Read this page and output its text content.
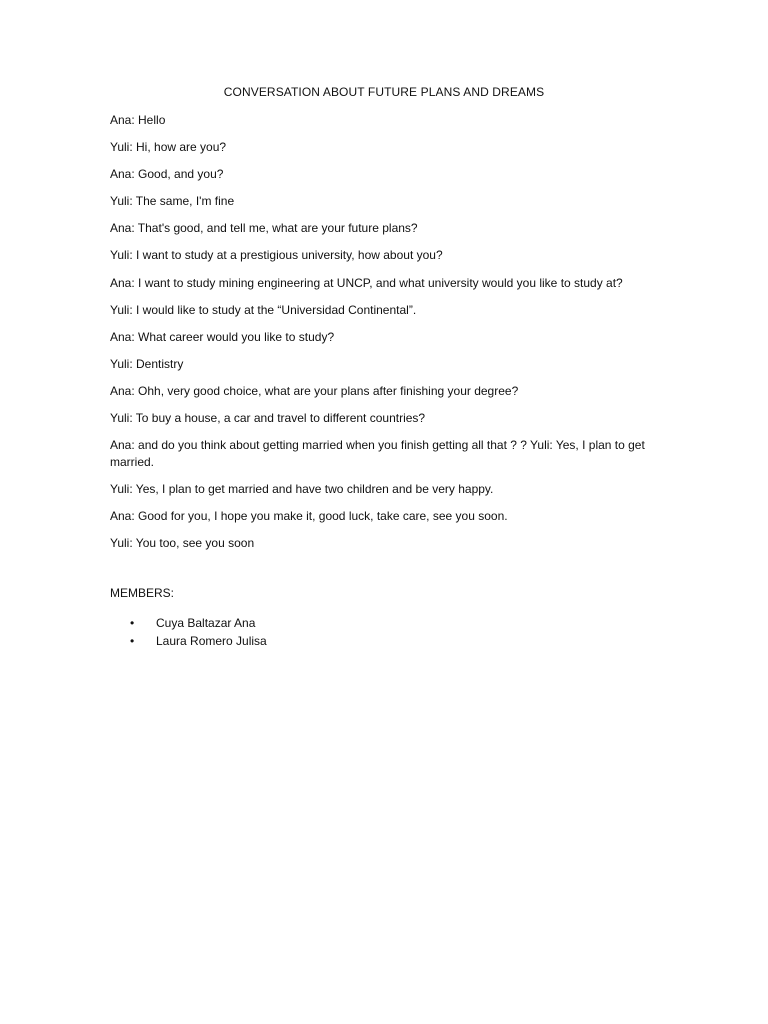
CONVERSATION ABOUT FUTURE PLANS AND DREAMS
Ana: Hello
Yuli: Hi, how are you?
Ana: Good, and you?
Yuli: The same, I'm fine
Ana: That's good, and tell me, what are your future plans?
Yuli: I want to study at a prestigious university, how about you?
Ana: I want to study mining engineering at UNCP, and what university would you like to study at?
Yuli: I would like to study at the “Universidad Continental”.
Ana: What career would you like to study?
Yuli: Dentistry
Ana: Ohh, very good choice, what are your plans after finishing your degree?
Yuli: To buy a house, a car and travel to different countries?
Ana: and do you think about getting married when you finish getting all that ? ? Yuli: Yes, I plan to get married.
Yuli: Yes, I plan to get married and have two children and be very happy.
Ana: Good for you, I hope you make it, good luck, take care, see you soon.
Yuli: You too, see you soon
MEMBERS:
• Cuya Baltazar Ana
• Laura Romero Julisa
